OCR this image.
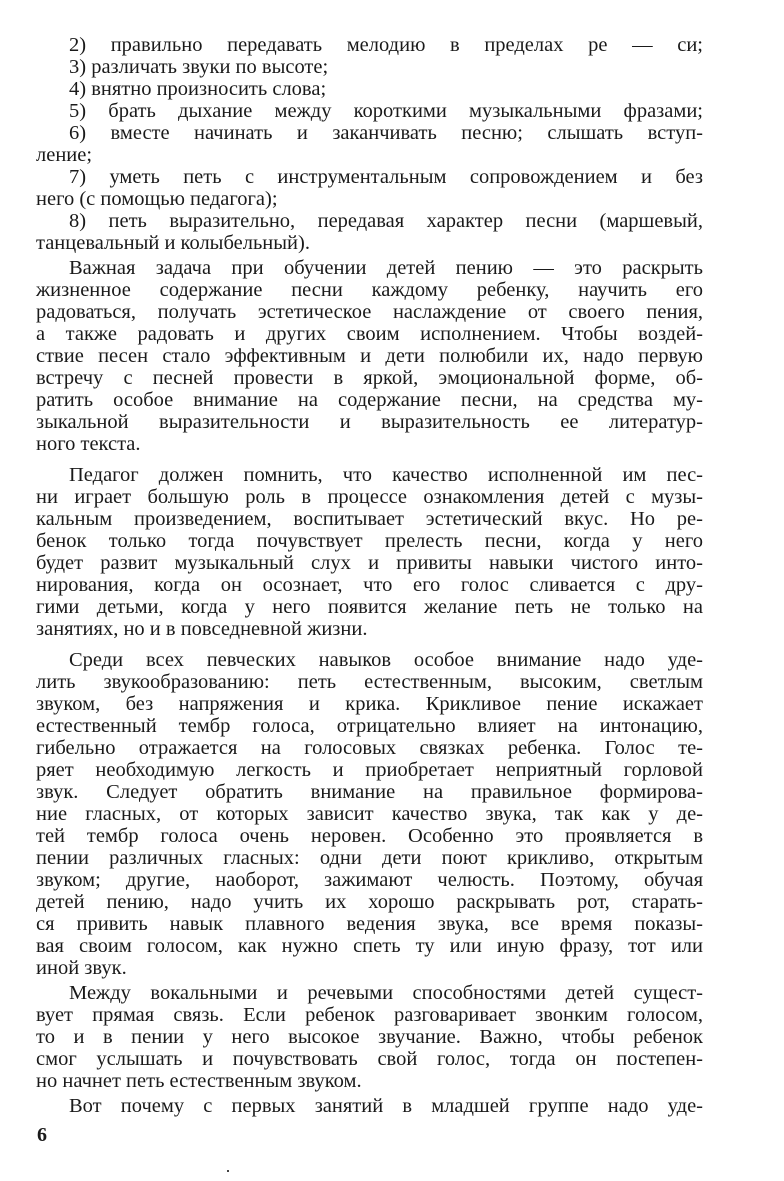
2) правильно передавать мелодию в пределах ре — си;
3) различать звуки по высоте;
4) внятно произносить слова;
5) брать дыхание между короткими музыкальными фразами;
6) вместе начинать и заканчивать песню; слышать вступ-
ление;
7) уметь петь с инструментальным сопровождением и без
него (с помощью педагога);
8) петь выразительно, передавая характер песни (маршевый,
танцевальный и колыбельный).
Важная задача при обучении детей пению — это раскрыть
жизненное содержание песни каждому ребенку, научить его
радоваться, получать эстетическое наслаждение от своего пения,
а также радовать и других своим исполнением. Чтобы воздей-
ствие песен стало эффективным и дети полюбили их, надо первую
встречу с песней провести в яркой, эмоциональной форме, об-
ратить особое внимание на содержание песни, на средства му-
зыкальной выразительности и выразительность ее литератур-
ного текста.
Педагог должен помнить, что качество исполненной им пес-
ни играет большую роль в процессе ознакомления детей с музы-
кальным произведением, воспитывает эстетический вкус. Но ре-
бенок только тогда почувствует прелесть песни, когда у него
будет развит музыкальный слух и привиты навыки чистого инто-
нирования, когда он осознает, что его голос сливается с дру-
гими детьми, когда у него появится желание петь не только на
занятиях, но и в повседневной жизни.
Среди всех певческих навыков особое внимание надо уде-
лить звукообразованию: петь естественным, высоким, светлым
звуком, без напряжения и крика. Крикливое пение искажает
естественный тембр голоса, отрицательно влияет на интонацию,
гибельно отражается на голосовых связках ребенка. Голос те-
ряет необходимую легкость и приобретает неприятный горловой
звук. Следует обратить внимание на правильное формирова-
ние гласных, от которых зависит качество звука, так как у де-
тей тембр голоса очень неровен. Особенно это проявляется в
пении различных гласных: одни дети поют крикливо, открытым
звуком; другие, наоборот, зажимают челюсть. Поэтому, обучая
детей пению, надо учить их хорошо раскрывать рот, старать-
ся привить навык плавного ведения звука, все время показы-
вая своим голосом, как нужно спеть ту или иную фразу, тот или
иной звук.
Между вокальными и речевыми способностями детей сущест-
вует прямая связь. Если ребенок разговаривает звонким голосом,
то и в пении у него высокое звучание. Важно, чтобы ребенок
смог услышать и почувствовать свой голос, тогда он постепен-
но начнет петь естественным звуком.
Вот почему с первых занятий в младшей группе надо уде-
6
